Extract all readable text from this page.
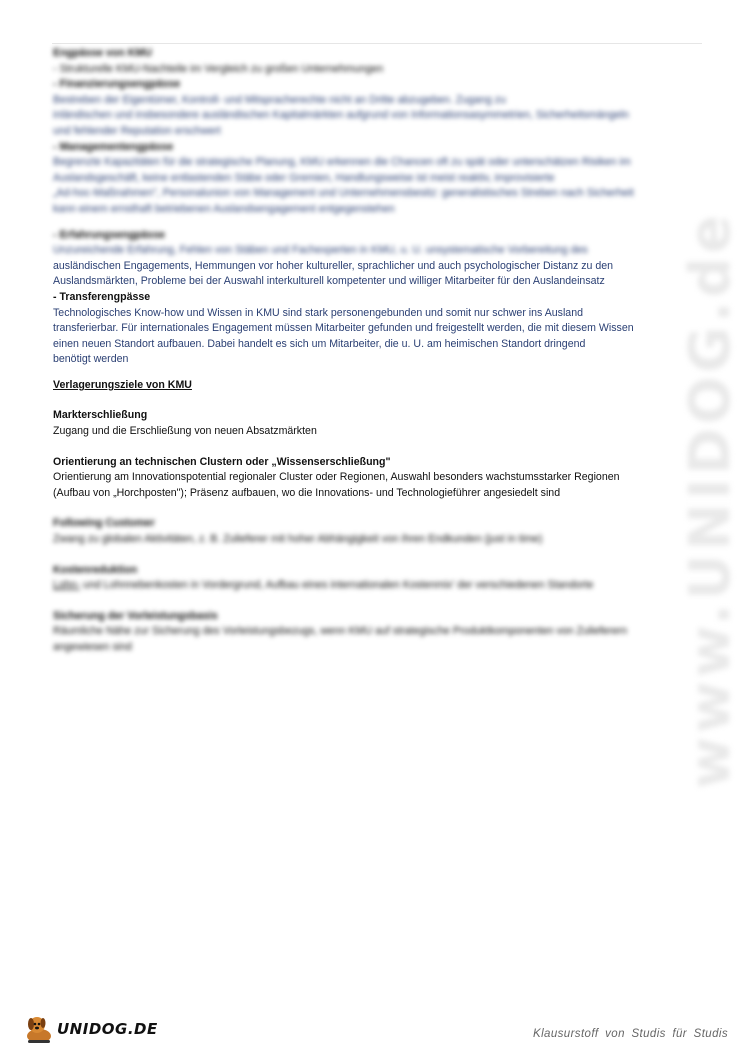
www.UNIDOG.de
Engpässe von KMU
- Strukturelle KMU-Nachteile im Vergleich zu großen Unternehmungen
- Finanzierungsengpässe
Bestreben der Eigentümer, Kontroll- und Mitspracherechte nicht an Dritte abzugeben. Zugang zu
inländischen und insbesondere ausländischen Kapitalmärkten aufgrund von Informationsasymmetrien, Sicherheitsmängeln
und fehlender Reputation erschwert
- Managementengpässe
Begrenzte Kapazitäten für die strategische Planung, KMU erkennen die Chancen oft zu spät oder unterschätzen Risiken im
Auslandsgeschäft, keine entlastenden Stäbe oder Gremien, Handlungsweise ist meist reaktiv, improvisierte
„Ad-hoc-Maßnahmen", Personalunion von Management und Unternehmensbesitz: generalistisches Streben nach Sicherheit
kann einem ernsthaft betriebenen Auslandsengagement entgegenstehen
- Erfahrungsengpässe
Unzureichende Erfahrung, Fehlen von Stäben und Fachexperten in KMU, u. U. unsystematische Vorbereitung des
ausländischen Engagements, Hemmungen vor hoher kultureller, sprachlicher und auch psychologischer Distanz zu den
Auslandsmärkten, Probleme bei der Auswahl interkulturell kompetenter und williger Mitarbeiter für den Auslandeinsatz
- Transferengpässe
Technologisches Know-how und Wissen in KMU sind stark personengebunden und somit nur schwer ins Ausland
transferierbar. Für internationales Engagement müssen Mitarbeiter gefunden und freigestellt werden, die mit diesem Wissen
einen neuen Standort aufbauen. Dabei handelt es sich um Mitarbeiter, die u. U. am heimischen Standort dringend
benötigt werden
Verlagerungsziele von KMU
Markterschließung
Zugang und die Erschließung von neuen Absatzmärkten
Orientierung an technischen Clustern oder „Wissenserschließung"
Orientierung am Innovationspotential regionaler Cluster oder Regionen, Auswahl besonders wachstumsstarker Regionen
(Aufbau von „Horchposten"); Präsenz aufbauen, wo die Innovations- und Technologieführer angesiedelt sind
Following Customer
Zwang zu globalen Aktivitäten, z. B. Zulieferer mit hoher Abhängigkeit von ihren Endkunden (just in time)
Kostenreduktion
Lohn- und Lohnnebenkosten in Vordergrund, Aufbau eines internationalen Kostenmix' der verschiedenen Standorte
Sicherung der Vorleistungsbasis
Räumliche Nähe zur Sicherung des Vorleistungsbezugs, wenn KMU auf strategische Produktkomponenten von Zulieferern
angewiesen sind
UNIDOG.DE	Klausurstoff von Studis für Studis
